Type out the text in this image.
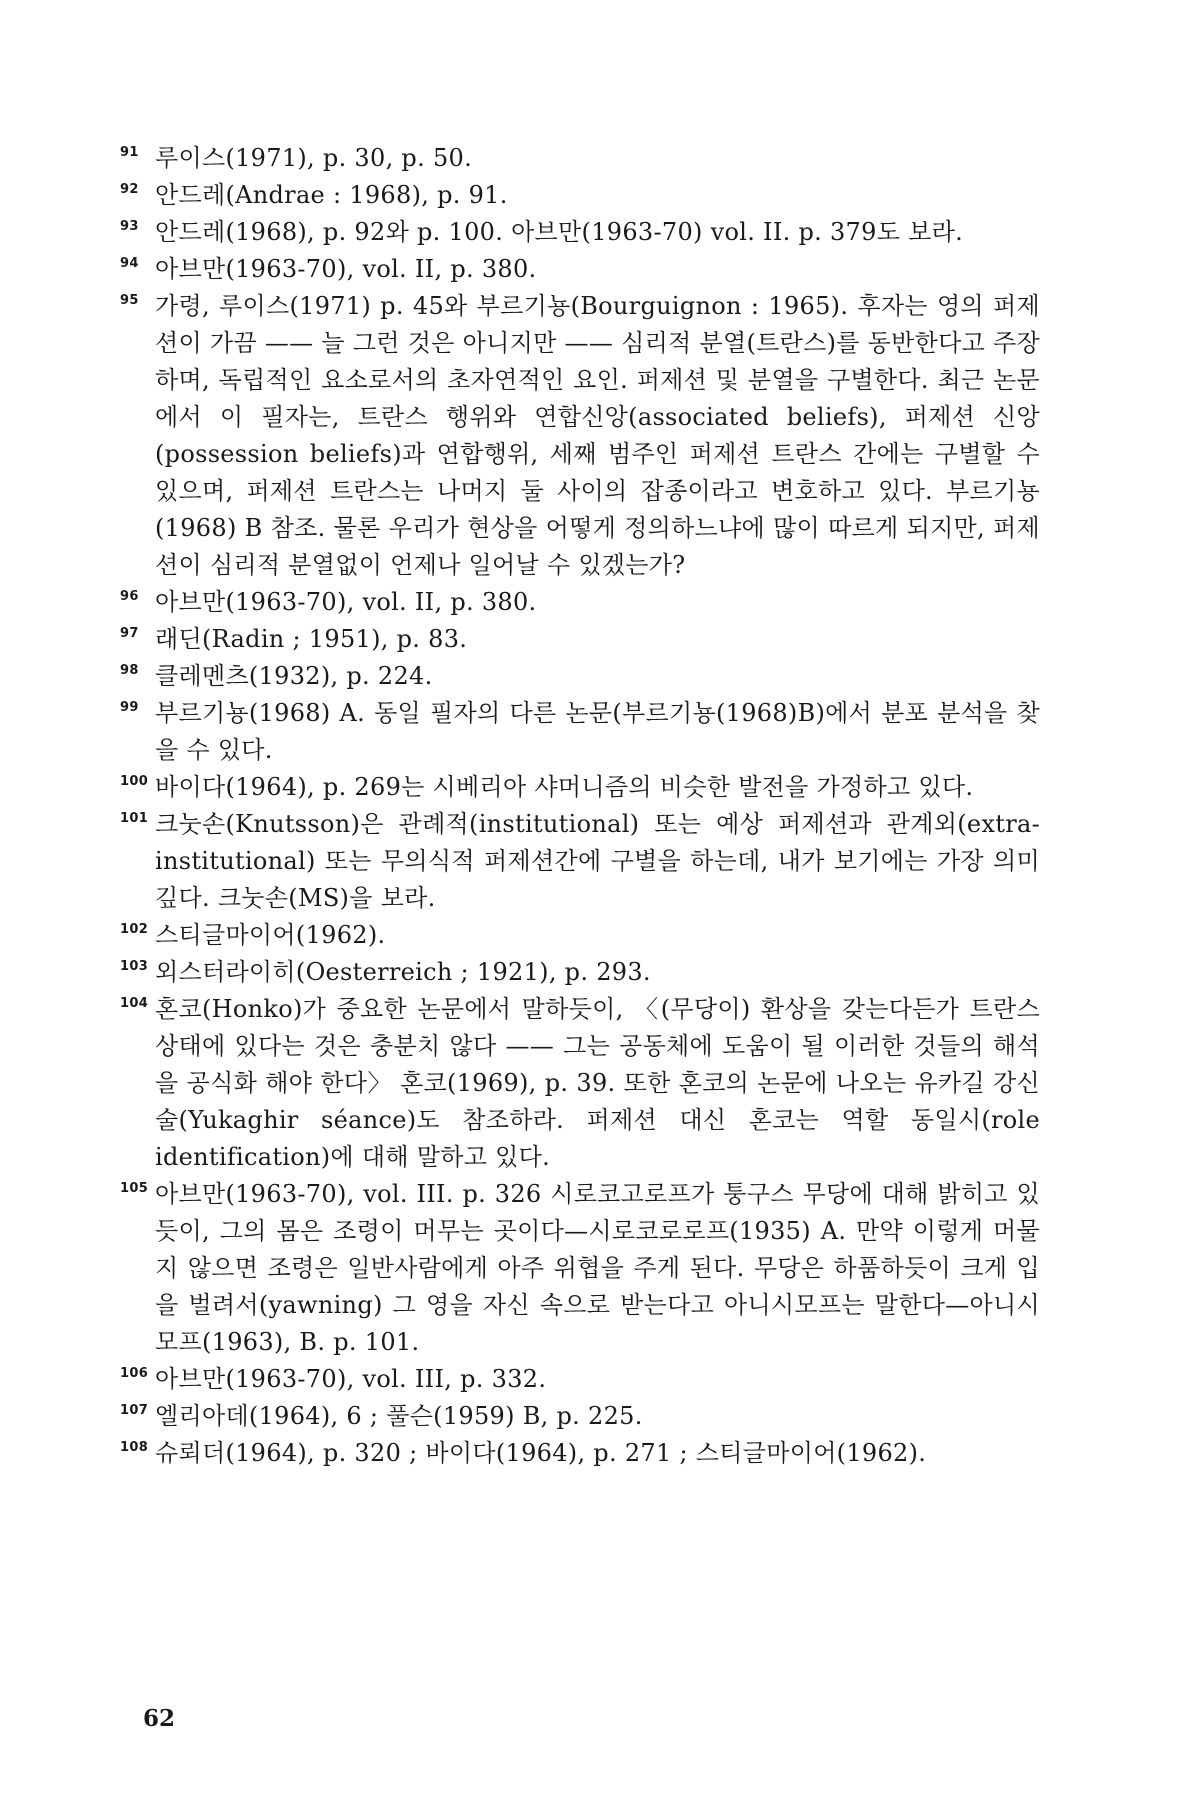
91 루이스(1971), p. 30, p. 50.

92 안드레(Andrae : 1968), p. 91.

93 안드레(1968), p. 92와 p. 100. 아브만(1963-70) vol. II. p. 379도 보라.

94 아브만(1963-70), vol. II, p. 380.

95 가령, 루이스(1971) p. 45와 부르기뇽(Bourguignon : 1965). 후자는 영의 퍼제션이 가끔 —— 늘 그런 것은 아니지만 —— 심리적 분열(트란스)를 동반한다고 주장하며, 독립적인 요소로서의 초자연적인 요인. 퍼제션 및 분열을 구별한다. 최근 논문에서 이 필자는, 트란스 행위와 연합신앙(associated beliefs), 퍼제션 신앙(possession beliefs)과 연합행위, 세째 범주인 퍼제션 트란스 간에는 구별할 수 있으며, 퍼제션 트란스는 나머지 둘 사이의 잡종이라고 변호하고 있다. 부르기뇽(1968) B 참조. 물론 우리가 현상을 어떻게 정의하느냐에 많이 따르게 되지만, 퍼제션이 심리적 분열없이 언제나 일어날 수 있겠는가?

96 아브만(1963-70), vol. II, p. 380.

97 래딘(Radin ; 1951), p. 83.

98 클레멘츠(1932), p. 224.

99 부르기뇽(1968) A. 동일 필자의 다른 논문(부르기뇽(1968)B)에서 분포 분석을 찾을 수 있다.

100 바이다(1964), p. 269는 시베리아 샤머니즘의 비슷한 발전을 가정하고 있다.

101 크눗손(Knutsson)은 관례적(institutional) 또는 예상 퍼제션과 관계외(extra-institutional) 또는 무의식적 퍼제션간에 구별을 하는데, 내가 보기에는 가장 의미 깊다. 크눗손(MS)을 보라.

102 스티글마이어(1962).

103 외스터라이히(Oesterreich ; 1921), p. 293.

104 혼코(Honko)가 중요한 논문에서 말하듯이, 〈(무당이) 환상을 갖는다든가 트란스 상태에 있다는 것은 충분치 않다 —— 그는 공동체에 도움이 될 이러한 것들의 해석을 공식화 해야 한다〉 혼코(1969), p. 39. 또한 혼코의 논문에 나오는 유카길 강신술(Yukaghir séance)도 참조하라. 퍼제션 대신 혼코는 역할 동일시(role identification)에 대해 말하고 있다.

105 아브만(1963-70), vol. III. p. 326 시로코고로프가 퉁구스 무당에 대해 밝히고 있듯이, 그의 몸은 조령이 머무는 곳이다—시로코로로프(1935) A. 만약 이렇게 머물지 않으면 조령은 일반사람에게 아주 위협을 주게 된다. 무당은 하품하듯이 크게 입을 벌려서(yawning) 그 영을 자신 속으로 받는다고 아니시모프는 말한다—아니시모프(1963), B. p. 101.

106 아브만(1963-70), vol. III, p. 332.

107 엘리아데(1964), 6 ; 풀슨(1959) B, p. 225.

108 슈뢰더(1964), p. 320 ; 바이다(1964), p. 271 ; 스티글마이어(1962).

62
